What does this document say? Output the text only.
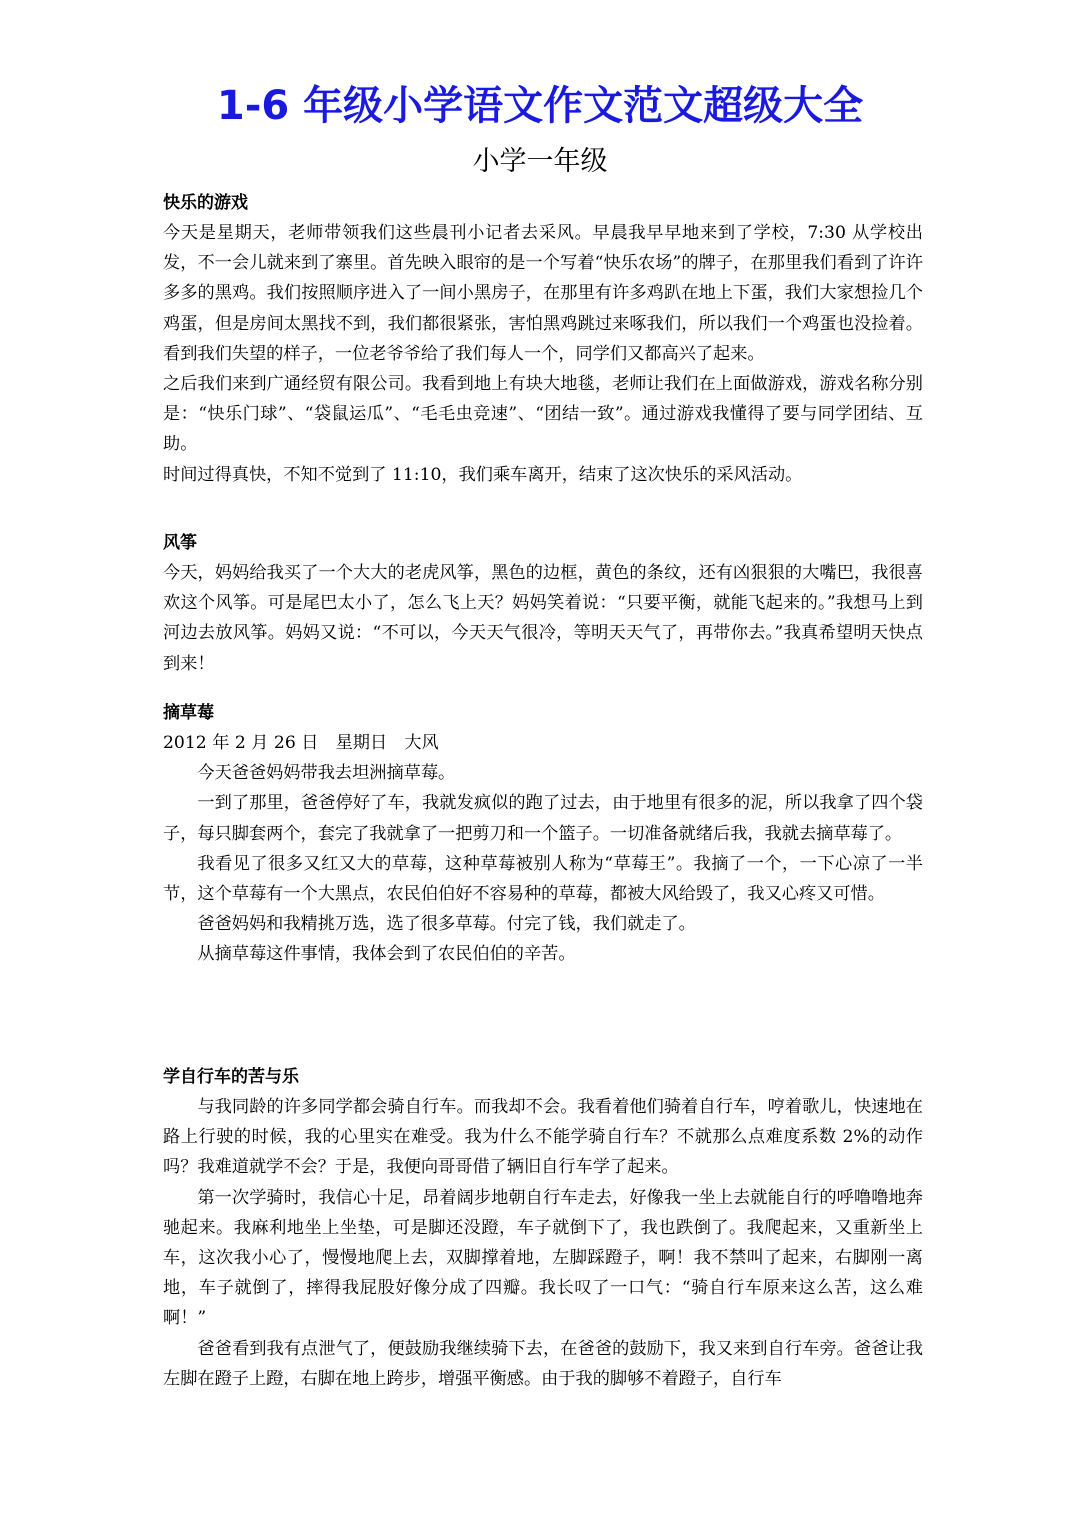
1-6 年级小学语文作文范文超级大全
小学一年级
快乐的游戏

今天是星期天，老师带领我们这些晨刊小记者去采风。早晨我早早地来到了学校，7:30 从学校出发，不一会儿就来到了寨里。首先映入眼帘的是一个写着“快乐农场”的牌子，在那里我们看到了许许多多的黑鸡。我们按照顺序进入了一间小黑房子，在那里有许多鸡趴在地上下蛋，我们大家想捡几个鸡蛋，但是房间太黑找不到，我们都很紧张，害怕黑鸡跳过来啄我们，所以我们一个鸡蛋也没捡着。看到我们失望的样子，一位老爷爷给了我们每人一个，同学们又都高兴了起来。

之后我们来到广通经贸有限公司。我看到地上有块大地毯，老师让我们在上面做游戏，游戏名称分别是：“快乐门球”、“袋鼠运瓜”、“毛毛虫竞速”、“团结一致”。通过游戏我懂得了要与同学团结、互助。

时间过得真快，不知不觉到了 11:10，我们乘车离开，结束了这次快乐的采风活动。

风筝

今天，妈妈给我买了一个大大的老虎风筝，黑色的边框，黄色的条纹，还有凶狠狠的大嘴巴，我很喜欢这个风筝。可是尾巴太小了，怎么飞上天？妈妈笑着说：“只要平衡，就能飞起来的。”我想马上到河边去放风筝。妈妈又说：“不可以，今天天气很冷，等明天天气了，再带你去。”我真希望明天快点到来！

摘草莓

2012 年 2 月 26 日　星期日　大风

今天爸爸妈妈带我去坦洲摘草莓。

一到了那里，爸爸停好了车，我就发疯似的跑了过去，由于地里有很多的泥，所以我拿了四个袋子，每只脚套两个，套完了我就拿了一把剪刀和一个篮子。一切准备就绪后我，我就去摘草莓了。

我看见了很多又红又大的草莓，这种草莓被别人称为“草莓王”。我摘了一个，一下心凉了一半节，这个草莓有一个大黑点，农民伯伯好不容易种的草莓，都被大风给毁了，我又心疼又可惜。

爸爸妈妈和我精挑万选，选了很多草莓。付完了钱，我们就走了。

从摘草莓这件事情，我体会到了农民伯伯的辛苦。

学自行车的苦与乐

与我同龄的许多同学都会骑自行车。而我却不会。我看着他们骑着自行车，哼着歌儿，快速地在路上行驶的时候，我的心里实在难受。我为什么不能学骑自行车？不就那么点难度系数 2%的动作吗？我难道就学不会？于是，我便向哥哥借了辆旧自行车学了起来。

第一次学骑时，我信心十足，昂着阔步地朝自行车走去，好像我一坐上去就能自行的呼噜噜地奔驰起来。我麻利地坐上坐垫，可是脚还没蹬，车子就倒下了，我也跌倒了。我爬起来，又重新坐上车，这次我小心了，慢慢地爬上去，双脚撑着地，左脚踩蹬子，啊！我不禁叫了起来，右脚刚一离地，车子就倒了，摔得我屁股好像分成了四瓣。我长叹了一口气：“骑自行车原来这么苦，这么难啊！”

爸爸看到我有点泄气了，便鼓励我继续骑下去，在爸爸的鼓励下，我又来到自行车旁。爸爸让我左脚在蹬子上蹬，右脚在地上跨步，增强平衡感。由于我的脚够不着蹬子，自行车
